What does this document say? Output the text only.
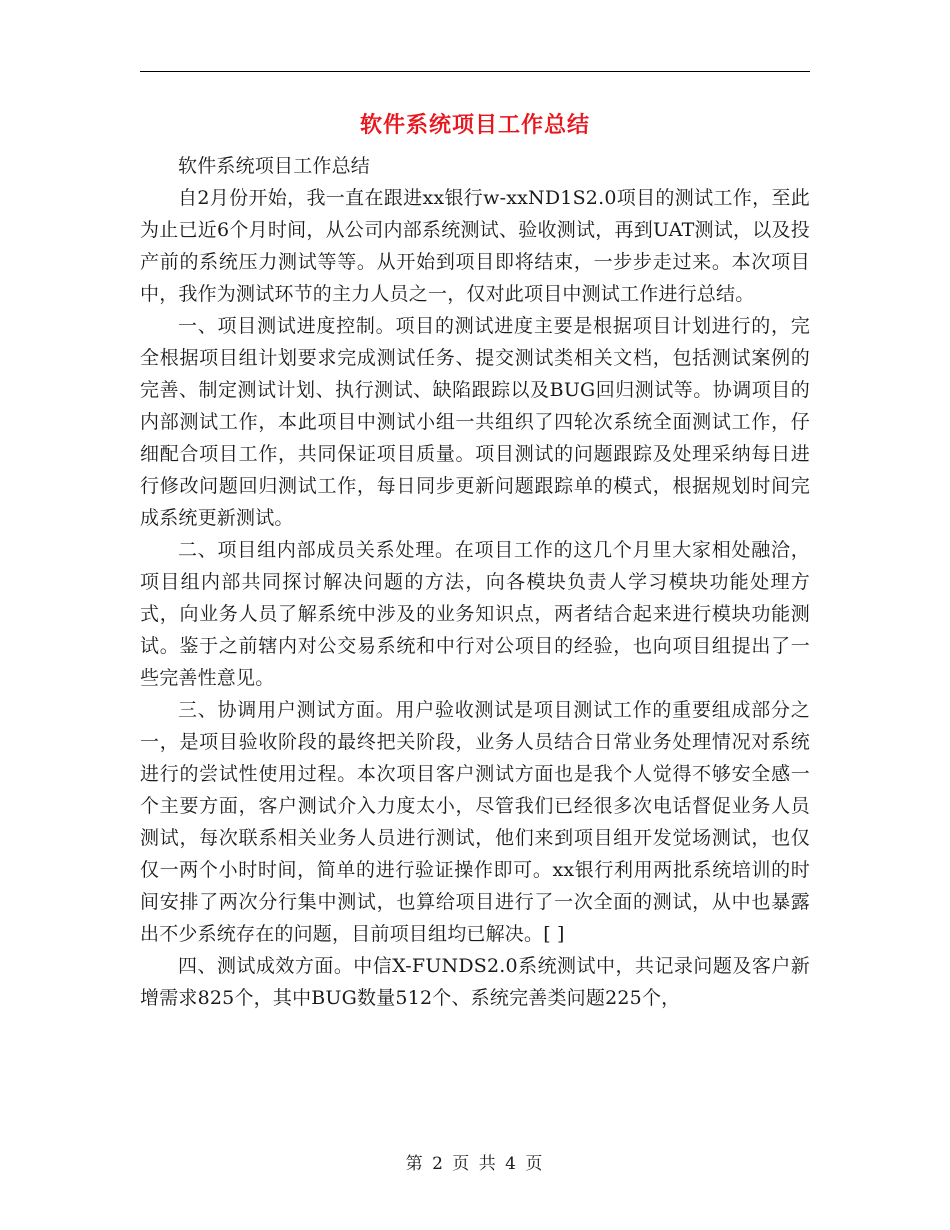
软件系统项目工作总结

软件系统项目工作总结

自2月份开始，我一直在跟进xx银行w-xxND1S2.0项目的测试工作，至此为止已近6个月时间，从公司内部系统测试、验收测试，再到UAT测试，以及投产前的系统压力测试等等。从开始到项目即将结束，一步步走过来。本次项目中，我作为测试环节的主力人员之一，仅对此项目中测试工作进行总结。

一、项目测试进度控制。项目的测试进度主要是根据项目计划进行的，完全根据项目组计划要求完成测试任务、提交测试类相关文档，包括测试案例的完善、制定测试计划、执行测试、缺陷跟踪以及BUG回归测试等。协调项目的内部测试工作，本此项目中测试小组一共组织了四轮次系统全面测试工作，仔细配合项目工作，共同保证项目质量。项目测试的问题跟踪及处理采纳每日进行修改问题回归测试工作，每日同步更新问题跟踪单的模式，根据规划时间完成系统更新测试。

二、项目组内部成员关系处理。在项目工作的这几个月里大家相处融洽，项目组内部共同探讨解决问题的方法，向各模块负责人学习模块功能处理方式，向业务人员了解系统中涉及的业务知识点，两者结合起来进行模块功能测试。鉴于之前辖内对公交易系统和中行对公项目的经验，也向项目组提出了一些完善性意见。

三、协调用户测试方面。用户验收测试是项目测试工作的重要组成部分之一，是项目验收阶段的最终把关阶段，业务人员结合日常业务处理情况对系统进行的尝试性使用过程。本次项目客户测试方面也是我个人觉得不够安全感一个主要方面，客户测试介入力度太小，尽管我们已经很多次电话督促业务人员测试，每次联系相关业务人员进行测试，他们来到项目组开发觉场测试，也仅仅一两个小时时间，简单的进行验证操作即可。xx银行利用两批系统培训的时间安排了两次分行集中测试，也算给项目进行了一次全面的测试，从中也暴露出不少系统存在的问题，目前项目组均已解决。[ ]

四、测试成效方面。中信X-FUNDS2.0系统测试中，共记录问题及客户新增需求825个，其中BUG数量512个、系统完善类问题225个，

第 2 页 共 4 页
